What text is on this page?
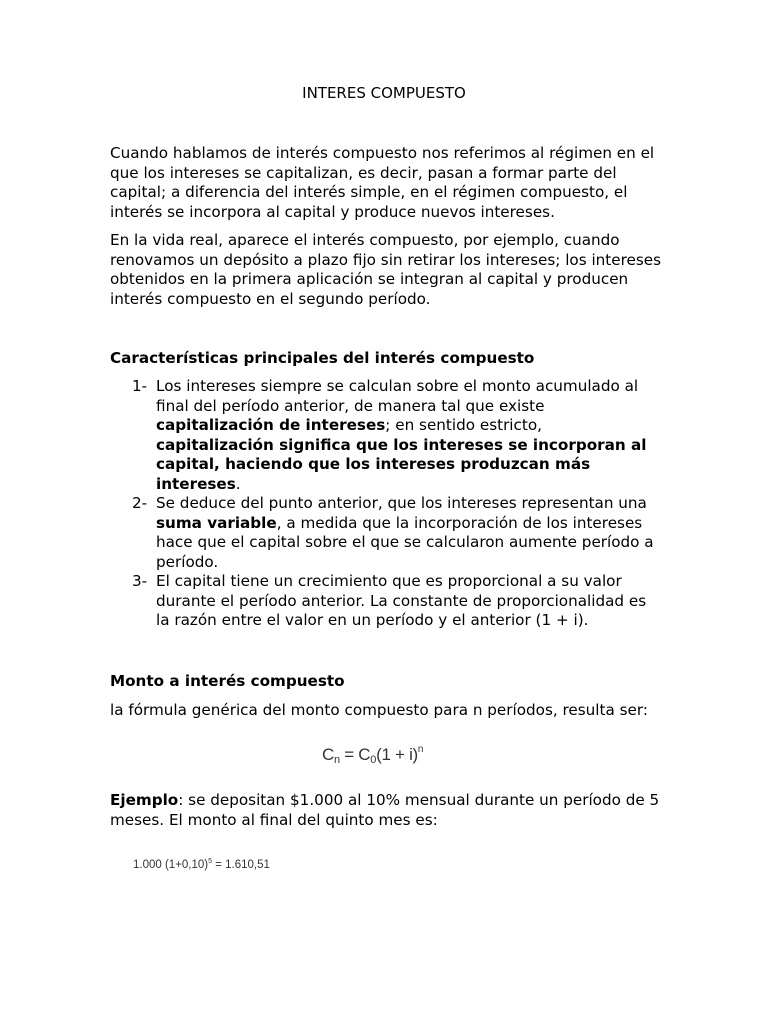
INTERES COMPUESTO

Cuando hablamos de interés compuesto nos referimos al régimen en el que los intereses se capitalizan, es decir, pasan a formar parte del capital; a diferencia del interés simple, en el régimen compuesto, el interés se incorpora al capital y produce nuevos intereses.

En la vida real, aparece el interés compuesto, por ejemplo, cuando renovamos un depósito a plazo fijo sin retirar los intereses; los intereses obtenidos en la primera aplicación se integran al capital y producen interés compuesto en el segundo período.

Características principales del interés compuesto

1- Los intereses siempre se calculan sobre el monto acumulado al final del período anterior, de manera tal que existe capitalización de intereses; en sentido estricto, capitalización significa que los intereses se incorporan al capital, haciendo que los intereses produzcan más intereses.
2- Se deduce del punto anterior, que los intereses representan una suma variable, a medida que la incorporación de los intereses hace que el capital sobre el que se calcularon aumente período a período.
3- El capital tiene un crecimiento que es proporcional a su valor durante el período anterior. La constante de proporcionalidad es la razón entre el valor en un período y el anterior (1 + i).

Monto a interés compuesto

la fórmula genérica del monto compuesto para n períodos, resulta ser:

$C_n = C_0(1 + i)^n$

Ejemplo: se depositan $1.000 al 10% mensual durante un período de 5 meses. El monto al final del quinto mes es:

1.000 $(1+0,10)^5 = 1.610,51$
